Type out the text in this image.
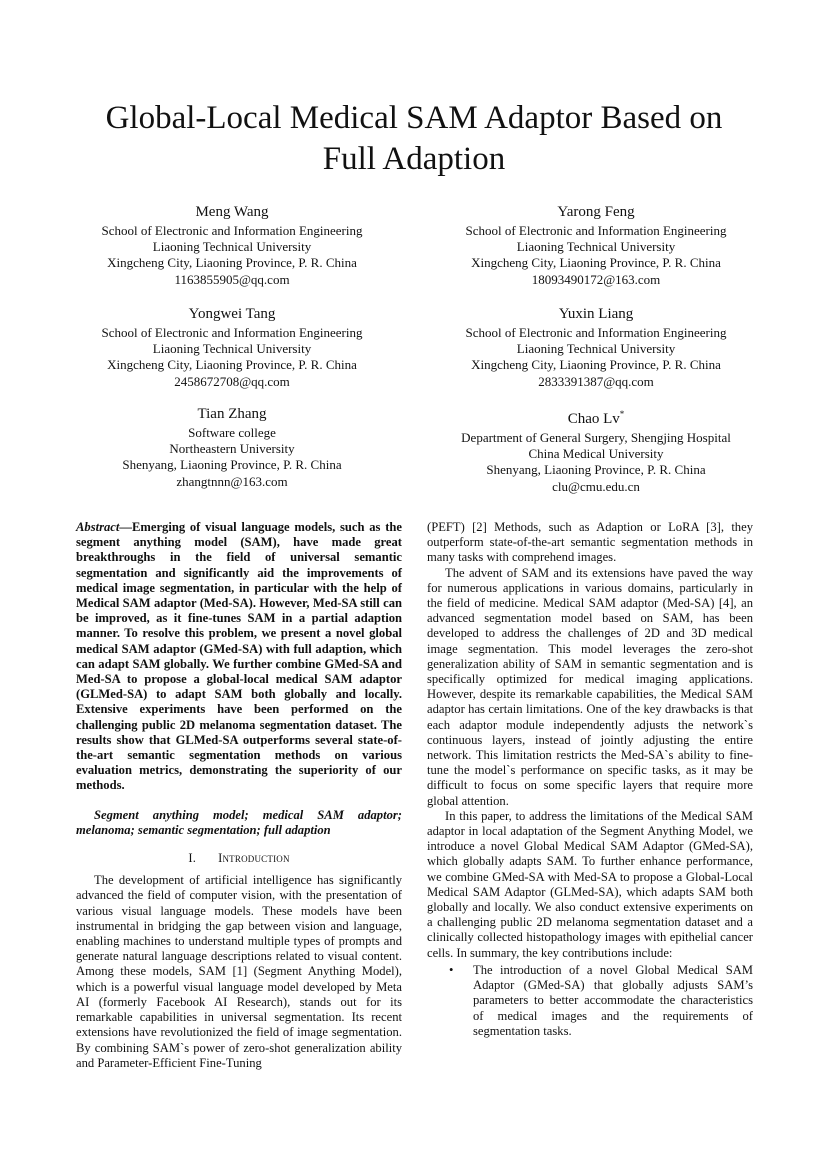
Global-Local Medical SAM Adaptor Based on
Full Adaption
Meng Wang
School of Electronic and Information Engineering
Liaoning Technical University
Xingcheng City, Liaoning Province, P. R. China
1163855905@qq.com
Yarong Feng
School of Electronic and Information Engineering
Liaoning Technical University
Xingcheng City, Liaoning Province, P. R. China
18093490172@163.com
Yongwei Tang
School of Electronic and Information Engineering
Liaoning Technical University
Xingcheng City, Liaoning Province, P. R. China
2458672708@qq.com
Yuxin Liang
School of Electronic and Information Engineering
Liaoning Technical University
Xingcheng City, Liaoning Province, P. R. China
2833391387@qq.com
Tian Zhang
Software college
Northeastern University
Shenyang, Liaoning Province, P. R. China
zhangtnnn@163.com
Chao Lv*
Department of General Surgery, Shengjing Hospital
China Medical University
Shenyang, Liaoning Province, P. R. China
clu@cmu.edu.cn

Abstract—Emerging of visual language models, such as the segment anything model (SAM), have made great breakthroughs in the field of universal semantic segmentation and significantly aid the improvements of medical image segmentation, in particular with the help of Medical SAM adaptor (Med-SA). However, Med-SA still can be improved, as it fine-tunes SAM in a partial adaption manner. To resolve this problem, we present a novel global medical SAM adaptor (GMed-SA) with full adaption, which can adapt SAM globally. We further combine GMed-SA and Med-SA to propose a global-local medical SAM adaptor (GLMed-SA) to adapt SAM both globally and locally. Extensive experiments have been performed on the challenging public 2D melanoma segmentation dataset. The results show that GLMed-SA outperforms several state-of-the-art semantic segmentation methods on various evaluation metrics, demonstrating the superiority of our methods.

Segment anything model; medical SAM adaptor; melanoma; semantic segmentation; full adaption

I. Introduction

The development of artificial intelligence has significantly advanced the field of computer vision, with the presentation of various visual language models. These models have been instrumental in bridging the gap between vision and language, enabling machines to understand multiple types of prompts and generate natural language descriptions related to visual content. Among these models, SAM [1] (Segment Anything Model), which is a powerful visual language model developed by Meta AI (formerly Facebook AI Research), stands out for its remarkable capabilities in universal segmentation. Its recent extensions have revolutionized the field of image segmentation. By combining SAM`s power of zero-shot generalization ability and Parameter-Efficient Fine-Tuning

(PEFT) [2] Methods, such as Adaption or LoRA [3], they outperform state-of-the-art semantic segmentation methods in many tasks with comprehend images.

The advent of SAM and its extensions have paved the way for numerous applications in various domains, particularly in the field of medicine. Medical SAM adaptor (Med-SA) [4], an advanced segmentation model based on SAM, has been developed to address the challenges of 2D and 3D medical image segmentation. This model leverages the zero-shot generalization ability of SAM in semantic segmentation and is specifically optimized for medical imaging applications. However, despite its remarkable capabilities, the Medical SAM adaptor has certain limitations. One of the key drawbacks is that each adaptor module independently adjusts the network`s continuous layers, instead of jointly adjusting the entire network. This limitation restricts the Med-SA`s ability to fine-tune the model`s performance on specific tasks, as it may be difficult to focus on some specific layers that require more global attention.

In this paper, to address the limitations of the Medical SAM adaptor in local adaptation of the Segment Anything Model, we introduce a novel Global Medical SAM Adaptor (GMed-SA), which globally adapts SAM. To further enhance performance, we combine GMed-SA with Med-SA to propose a Global-Local Medical SAM Adaptor (GLMed-SA), which adapts SAM both globally and locally. We also conduct extensive experiments on a challenging public 2D melanoma segmentation dataset and a clinically collected histopathology images with epithelial cancer cells. In summary, the key contributions include:

• The introduction of a novel Global Medical SAM Adaptor (GMed-SA) that globally adjusts SAM’s parameters to better accommodate the characteristics of medical images and the requirements of segmentation tasks.
